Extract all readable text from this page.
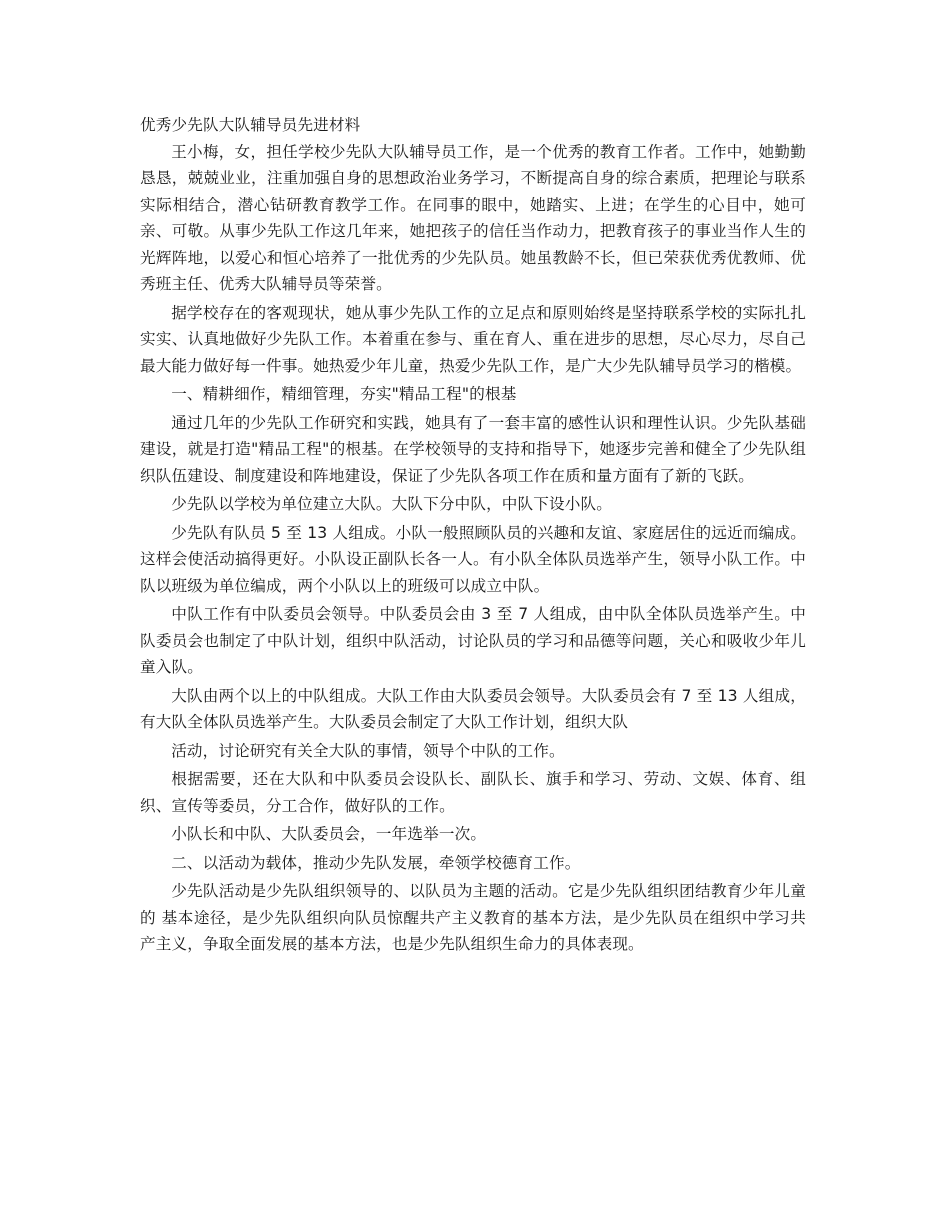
优秀少先队大队辅导员先进材料

王小梅，女，担任学校少先队大队辅导员工作，是一个优秀的教育工作者。工作中，她勤勤恳恳，兢兢业业，注重加强自身的思想政治业务学习，不断提高自身的综合素质，把理论与联系实际相结合，潜心钻研教育教学工作。在同事的眼中，她踏实、上进；在学生的心目中，她可亲、可敬。从事少先队工作这几年来，她把孩子的信任当作动力，把教育孩子的事业当作人生的光辉阵地，以爱心和恒心培养了一批优秀的少先队员。她虽教龄不长，但已荣获优秀优教师、优秀班主任、优秀大队辅导员等荣誉。

据学校存在的客观现状，她从事少先队工作的立足点和原则始终是坚持联系学校的实际扎扎实实、认真地做好少先队工作。本着重在参与、重在育人、重在进步的思想，尽心尽力，尽自己最大能力做好每一件事。她热爱少年儿童，热爱少先队工作，是广大少先队辅导员学习的楷模。

一、精耕细作，精细管理，夯实"精品工程"的根基

通过几年的少先队工作研究和实践，她具有了一套丰富的感性认识和理性认识。少先队基础建设，就是打造"精品工程"的根基。在学校领导的支持和指导下，她逐步完善和健全了少先队组织队伍建设、制度建设和阵地建设，保证了少先队各项工作在质和量方面有了新的飞跃。

少先队以学校为单位建立大队。大队下分中队，中队下设小队。

少先队有队员 5 至 13 人组成。小队一般照顾队员的兴趣和友谊、家庭居住的远近而编成。这样会使活动搞得更好。小队设正副队长各一人。有小队全体队员选举产生，领导小队工作。中队以班级为单位编成，两个小队以上的班级可以成立中队。

中队工作有中队委员会领导。中队委员会由 3 至 7 人组成，由中队全体队员选举产生。中队委员会也制定了中队计划，组织中队活动，讨论队员的学习和品德等问题，关心和吸收少年儿童入队。

大队由两个以上的中队组成。大队工作由大队委员会领导。大队委员会有 7 至 13 人组成，有大队全体队员选举产生。大队委员会制定了大队工作计划，组织大队

活动，讨论研究有关全大队的事情，领导个中队的工作。

根据需要，还在大队和中队委员会设队长、副队长、旗手和学习、劳动、文娱、体育、组织、宣传等委员，分工合作，做好队的工作。

小队长和中队、大队委员会，一年选举一次。

二、以活动为载体，推动少先队发展，牵领学校德育工作。

少先队活动是少先队组织领导的、以队员为主题的活动。它是少先队组织团结教育少年儿童的 基本途径，是少先队组织向队员惊醒共产主义教育的基本方法，是少先队员在组织中学习共产主义，争取全面发展的基本方法，也是少先队组织生命力的具体表现。
